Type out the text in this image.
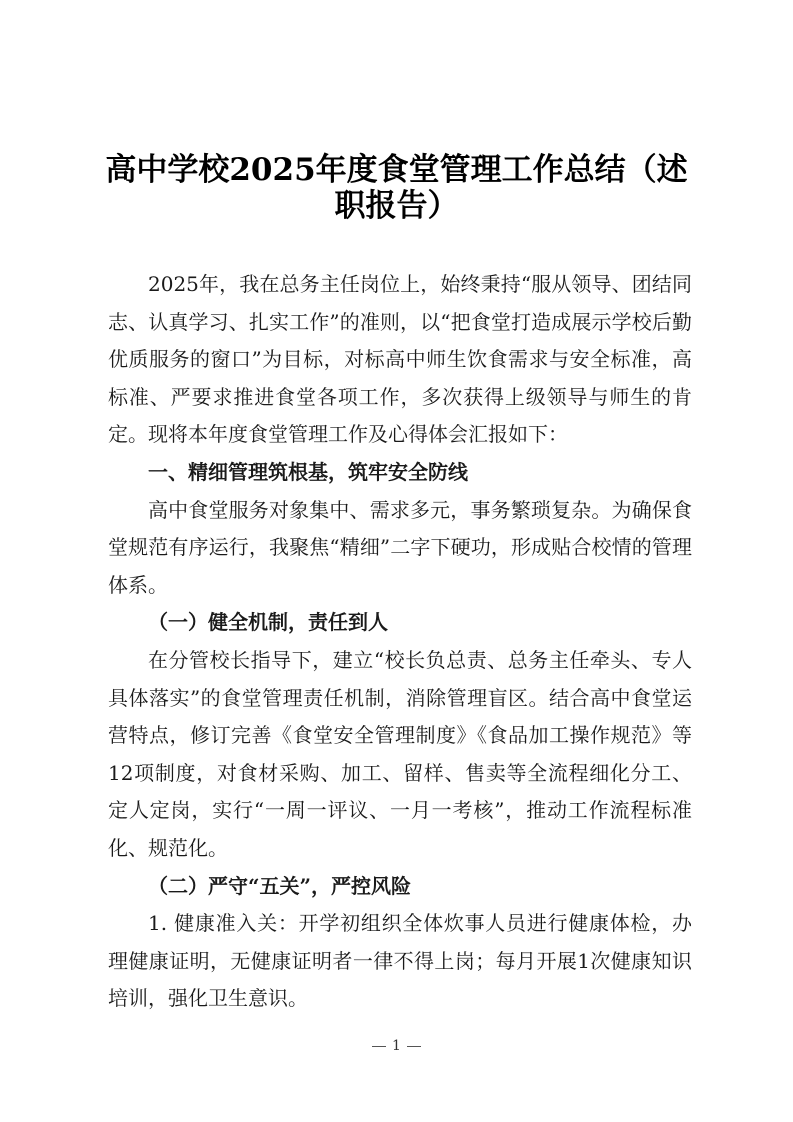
高中学校2025年度食堂管理工作总结（述职报告）

2025年，我在总务主任岗位上，始终秉持“服从领导、团结同志、认真学习、扎实工作”的准则，以“把食堂打造成展示学校后勤优质服务的窗口”为目标，对标高中师生饮食需求与安全标准，高标准、严要求推进食堂各项工作，多次获得上级领导与师生的肯定。现将本年度食堂管理工作及心得体会汇报如下：

一、精细管理筑根基，筑牢安全防线

高中食堂服务对象集中、需求多元，事务繁琐复杂。为确保食堂规范有序运行，我聚焦“精细”二字下硬功，形成贴合校情的管理体系。

（一）健全机制，责任到人

在分管校长指导下，建立“校长负总责、总务主任牵头、专人具体落实”的食堂管理责任机制，消除管理盲区。结合高中食堂运营特点，修订完善《食堂安全管理制度》《食品加工操作规范》等12项制度，对食材采购、加工、留样、售卖等全流程细化分工、定人定岗，实行“一周一评议、一月一考核”，推动工作流程标准化、规范化。

（二）严守“五关”，严控风险

1. 健康准入关：开学初组织全体炊事人员进行健康体检，办理健康证明，无健康证明者一律不得上岗；每月开展1次健康知识培训，强化卫生意识。

1
